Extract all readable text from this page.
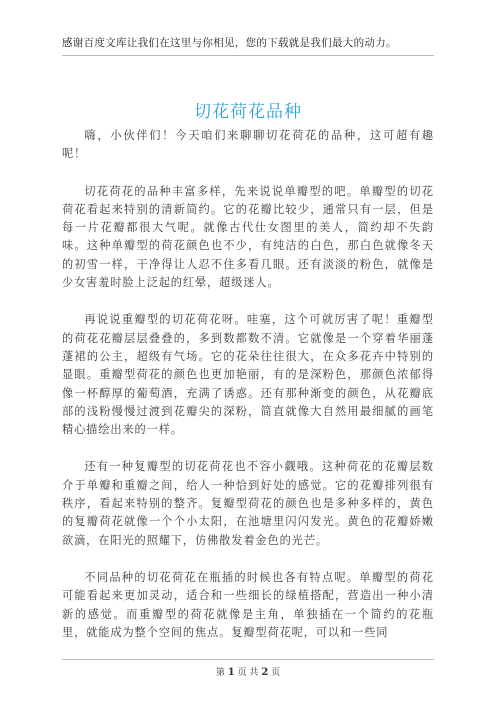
感谢百度文库让我们在这里与你相见，您的下载就是我们最大的动力。
切花荷花品种

嗨，小伙伴们！今天咱们来聊聊切花荷花的品种，这可超有趣呢！

切花荷花的品种丰富多样，先来说说单瓣型的吧。单瓣型的切花荷花看起来特别的清新简约。它的花瓣比较少，通常只有一层，但是每一片花瓣都很大气呢。就像古代仕女图里的美人，简约却不失韵味。这种单瓣型的荷花颜色也不少，有纯洁的白色，那白色就像冬天的初雪一样，干净得让人忍不住多看几眼。还有淡淡的粉色，就像是少女害羞时脸上泛起的红晕，超级迷人。

再说说重瓣型的切花荷花呀。哇塞，这个可就厉害了呢！重瓣型的荷花花瓣层层叠叠的，多到数都数不清。它就像是一个穿着华丽蓬蓬裙的公主，超级有气场。它的花朵往往很大，在众多花卉中特别的显眼。重瓣型荷花的颜色也更加艳丽，有的是深粉色，那颜色浓郁得像一杯醇厚的葡萄酒，充满了诱惑。还有那种渐变的颜色，从花瓣底部的浅粉慢慢过渡到花瓣尖的深粉，简直就像大自然用最细腻的画笔精心描绘出来的一样。

还有一种复瓣型的切花荷花也不容小觑哦。这种荷花的花瓣层数介于单瓣和重瓣之间，给人一种恰到好处的感觉。它的花瓣排列很有秩序，看起来特别的整齐。复瓣型荷花的颜色也是多种多样的，黄色的复瓣荷花就像一个个小太阳，在池塘里闪闪发光。黄色的花瓣娇嫩欲滴，在阳光的照耀下，仿佛散发着金色的光芒。

不同品种的切花荷花在瓶插的时候也各有特点呢。单瓣型的荷花可能看起来更加灵动，适合和一些细长的绿植搭配，营造出一种小清新的感觉。而重瓣型的荷花就像是主角，单独插在一个简约的花瓶里，就能成为整个空间的焦点。复瓣型荷花呢，可以和一些同

第 1 页 共 2 页
